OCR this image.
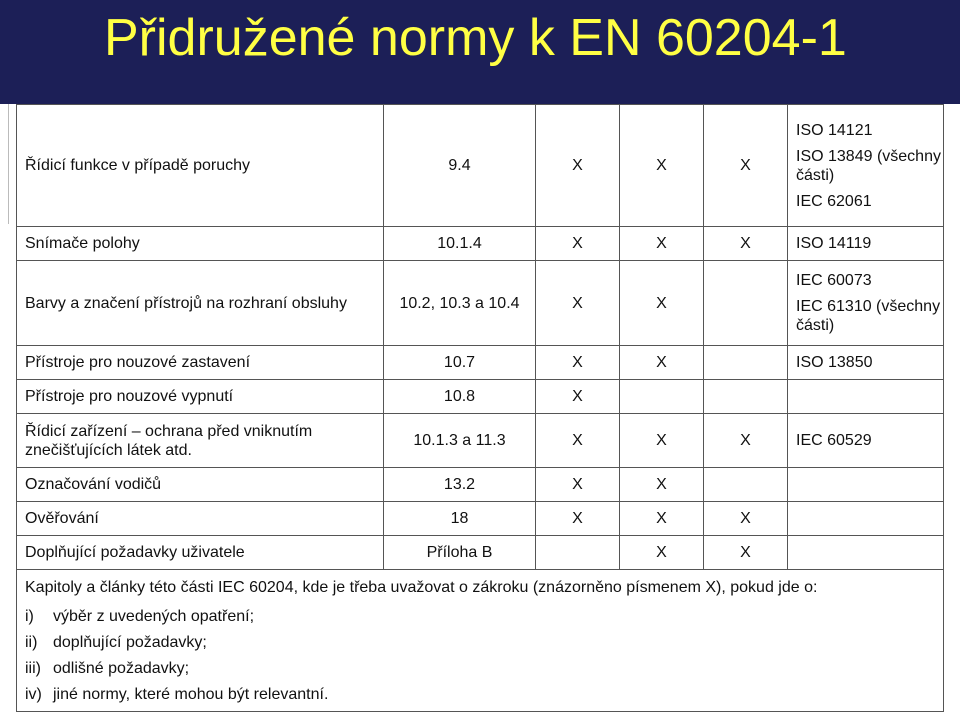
Přidružené normy k EN 60204-1
Řídicí funkce v případě poruchy	9.4	X	X	X	ISO 14121
ISO 13849 (všechny části)
IEC 62061

Snímače polohy	10.1.4	X	X	X	ISO 14119

Barvy a značení přístrojů na rozhraní obsluhy	10.2, 10.3 a 10.4	X	X		IEC 60073
IEC 61310 (všechny části)

Přístroje pro nouzové zastavení	10.7	X	X		ISO 13850

Přístroje pro nouzové vypnutí	10.8	X			

Řídicí zařízení – ochrana před vniknutím znečišťujících látek atd.	10.1.3 a 11.3	X	X	X	IEC 60529

Označování vodičů	13.2	X	X		

Ověřování	18	X	X	X	

Doplňující požadavky uživatele	Příloha B		X	X	

Kapitoly a články této části IEC 60204, kde je třeba uvažovat o zákroku (znázorněno písmenem X), pokud jde o:
i) výběr z uvedených opatření;
ii) doplňující požadavky;
iii) odlišné požadavky;
iv) jiné normy, které mohou být relevantní.					
